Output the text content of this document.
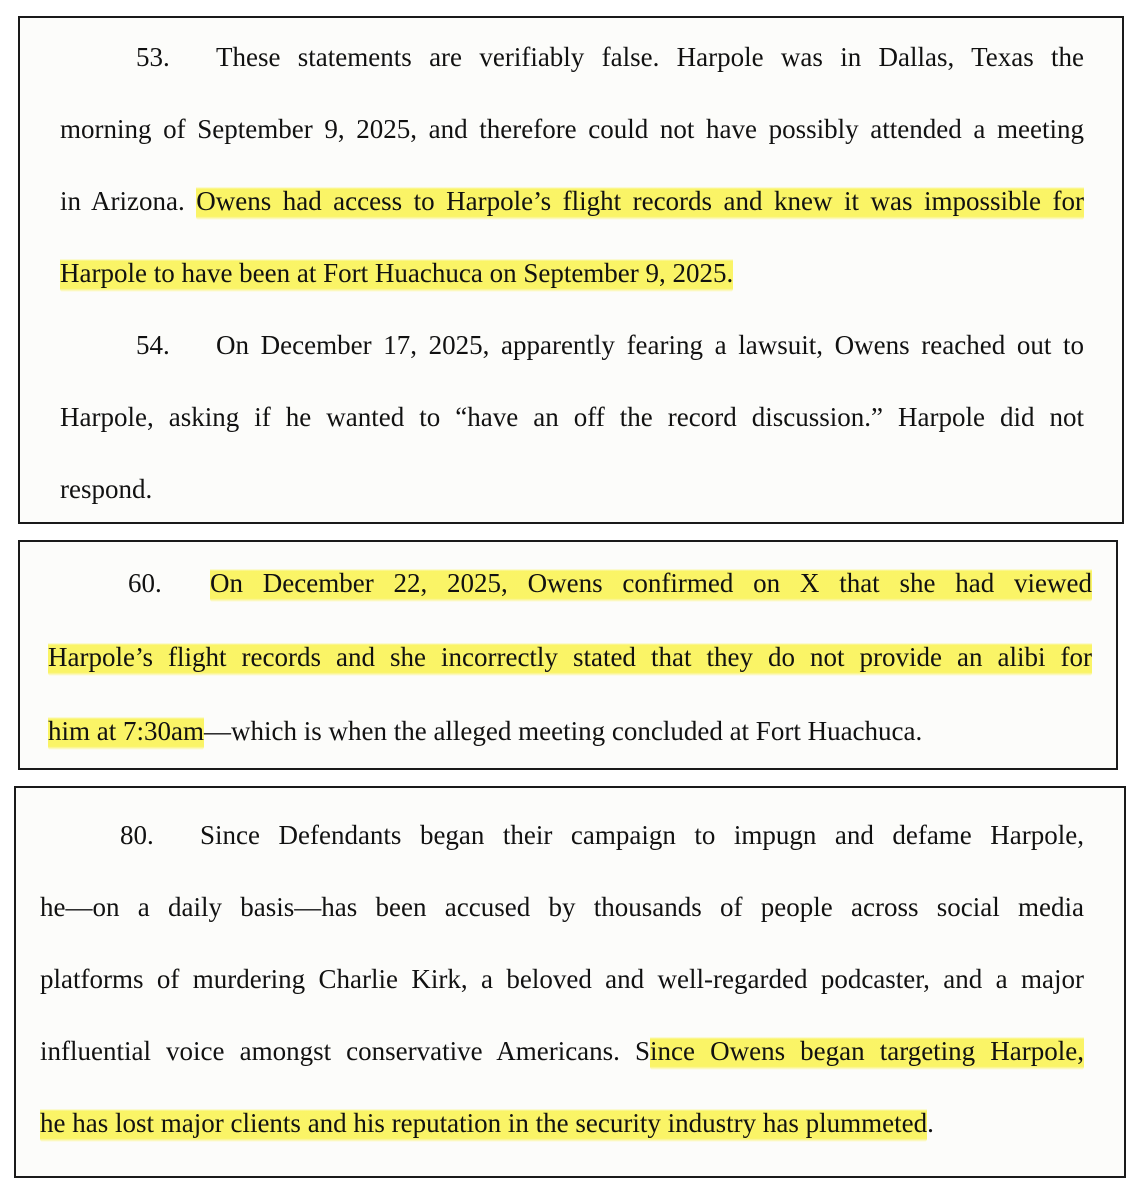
53. These statements are verifiably false. Harpole was in Dallas, Texas the
morning of September 9, 2025, and therefore could not have possibly attended a meeting
in Arizona. Owens had access to Harpole’s flight records and knew it was impossible for
Harpole to have been at Fort Huachuca on September 9, 2025.
54. On December 17, 2025, apparently fearing a lawsuit, Owens reached out to
Harpole, asking if he wanted to “have an off the record discussion.” Harpole did not
respond.
60. On December 22, 2025, Owens confirmed on X that she had viewed
Harpole’s flight records and she incorrectly stated that they do not provide an alibi for
him at 7:30am—which is when the alleged meeting concluded at Fort Huachuca.
80. Since Defendants began their campaign to impugn and defame Harpole,
he—on a daily basis—has been accused by thousands of people across social media
platforms of murdering Charlie Kirk, a beloved and well-regarded podcaster, and a major
influential voice amongst conservative Americans. Since Owens began targeting Harpole,
he has lost major clients and his reputation in the security industry has plummeted.
